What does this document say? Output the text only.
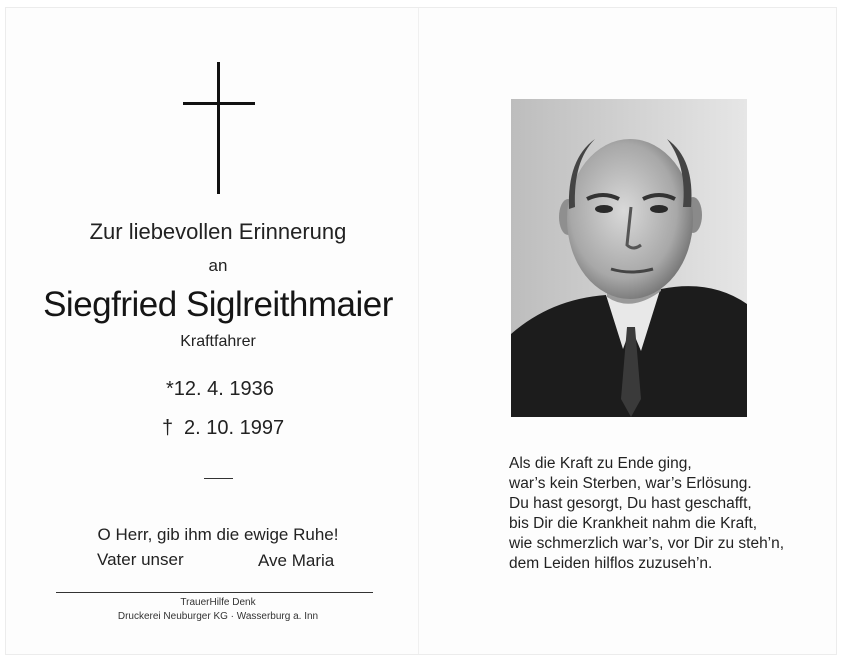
Zur liebevollen Erinnerung
an
Siegfried Siglreithmaier
Kraftfahrer
*12. 4. 1936
† 2. 10. 1997
O Herr, gib ihm die ewige Ruhe!
Vater unser	Ave Maria
TrauerHilfe Denk
Druckerei Neuburger KG · Wasserburg a. Inn
Als die Kraft zu Ende ging,
war’s kein Sterben, war’s Erlösung.
Du hast gesorgt, Du hast geschafft,
bis Dir die Krankheit nahm die Kraft,
wie schmerzlich war’s, vor Dir zu steh’n,
dem Leiden hilflos zuzuseh’n.
